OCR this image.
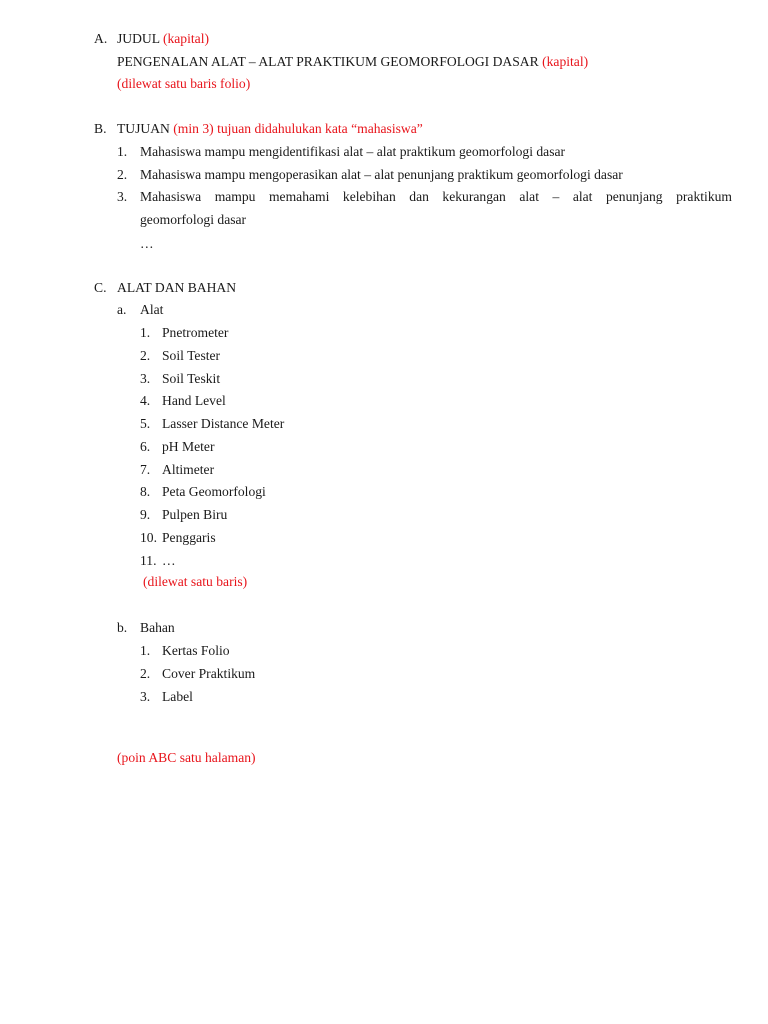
A. JUDUL (kapital)
PENGENALAN ALAT – ALAT PRAKTIKUM GEOMORFOLOGI DASAR (kapital)
(dilewat satu baris folio)
B. TUJUAN (min 3) tujuan didahulukan kata “mahasiswa”
1. Mahasiswa mampu mengidentifikasi alat – alat praktikum geomorfologi dasar
2. Mahasiswa mampu mengoperasikan alat – alat penunjang praktikum geomorfologi dasar
3. Mahasiswa mampu memahami kelebihan dan kekurangan alat – alat penunjang praktikum
geomorfologi dasar
…
C. ALAT DAN BAHAN
a. Alat
1. Pnetrometer
2. Soil Tester
3. Soil Teskit
4. Hand Level
5. Lasser Distance Meter
6. pH Meter
7. Altimeter
8. Peta Geomorfologi
9. Pulpen Biru
10. Penggaris
11. …
(dilewat satu baris)
b. Bahan
1. Kertas Folio
2. Cover Praktikum
3. Label
(poin ABC satu halaman)
